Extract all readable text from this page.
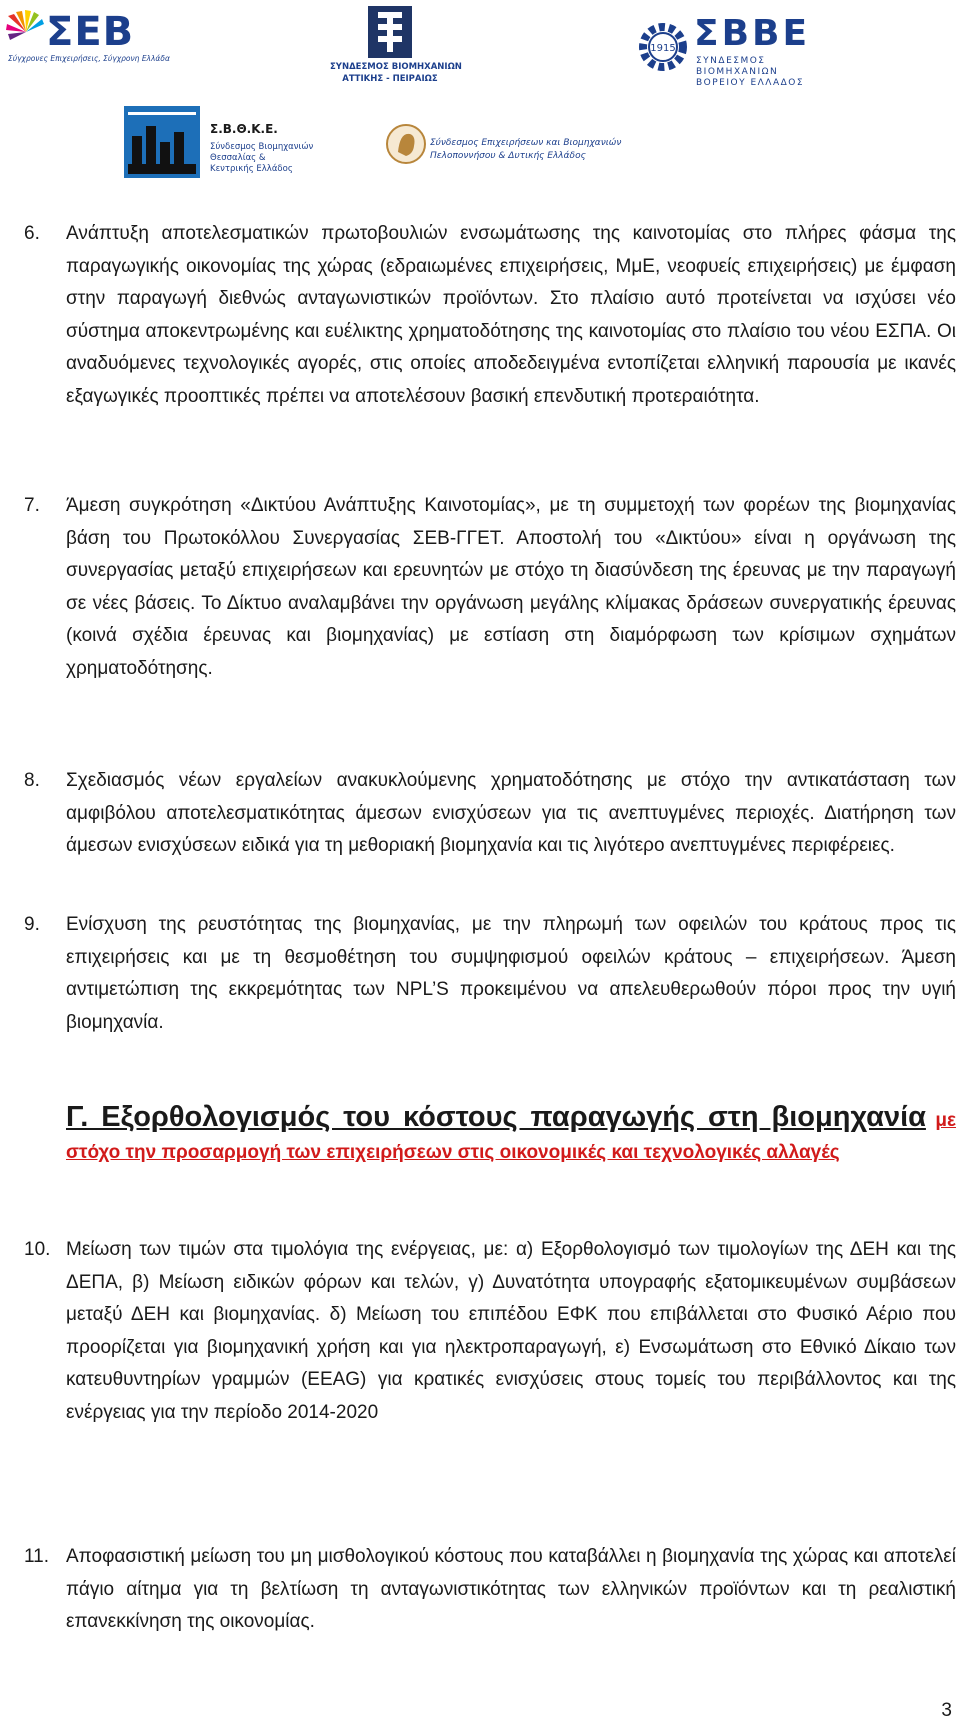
ΣΕΒ
Σύγχρονες Επιχειρήσεις, Σύγχρονη Ελλάδα
ΣΥΝΔΕΣΜΟΣ ΒΙΟΜΗΧΑΝΙΩΝ
ΑΤΤΙΚΗΣ - ΠΕΙΡΑΙΩΣ
1915 ΣΒΒΕ
ΣΥΝΔΕΣΜΟΣ
ΒΙΟΜΗΧΑΝΙΩΝ
ΒΟΡΕΙΟΥ ΕΛΛΑΔΟΣ
Σ.Β.Θ.Κ.Ε.
Σύνδεσμος Βιομηχανιών
Θεσσαλίας &
Κεντρικής Ελλάδος
Σύνδεσμος Επιχειρήσεων και Βιομηχανιών
Πελοποννήσου & Δυτικής Ελλάδος
6.	Ανάπτυξη αποτελεσματικών πρωτοβουλιών ενσωμάτωσης της καινοτομίας στο πλήρες φάσμα της παραγωγικής οικονομίας της χώρας (εδραιωμένες επιχειρήσεις, ΜμΕ, νεοφυείς επιχειρήσεις) με έμφαση στην παραγωγή διεθνώς ανταγωνιστικών προϊόντων. Στο πλαίσιο αυτό προτείνεται να ισχύσει νέο σύστημα αποκεντρωμένης και ευέλικτης χρηματοδότησης της καινοτομίας στο πλαίσιο του νέου ΕΣΠΑ. Οι αναδυόμενες τεχνολογικές αγορές, στις οποίες αποδεδειγμένα εντοπίζεται ελληνική παρουσία με ικανές εξαγωγικές προοπτικές πρέπει να αποτελέσουν βασική επενδυτική προτεραιότητα.
7.	Άμεση συγκρότηση «Δικτύου Ανάπτυξης Καινοτομίας», με τη συμμετοχή των φορέων της βιομηχανίας βάση του Πρωτοκόλλου Συνεργασίας ΣΕΒ-ΓΓΕΤ. Αποστολή του «Δικτύου» είναι η οργάνωση της συνεργασίας μεταξύ επιχειρήσεων και ερευνητών με στόχο τη διασύνδεση της έρευνας με την παραγωγή σε νέες βάσεις. Το Δίκτυο αναλαμβάνει την οργάνωση μεγάλης κλίμακας δράσεων συνεργατικής έρευνας (κοινά σχέδια έρευνας και βιομηχανίας) με εστίαση στη διαμόρφωση των κρίσιμων σχημάτων χρηματοδότησης.
8.	Σχεδιασμός νέων εργαλείων ανακυκλούμενης χρηματοδότησης με στόχο την αντικατάσταση των αμφιβόλου αποτελεσματικότητας άμεσων ενισχύσεων για τις ανεπτυγμένες περιοχές. Διατήρηση των άμεσων ενισχύσεων ειδικά για τη μεθοριακή βιομηχανία και τις λιγότερο ανεπτυγμένες περιφέρειες.
9.	Ενίσχυση της ρευστότητας της βιομηχανίας, με την πληρωμή των οφειλών του κράτους προς τις επιχειρήσεις και με τη θεσμοθέτηση του συμψηφισμού οφειλών κράτους – επιχειρήσεων. Άμεση αντιμετώπιση της εκκρεμότητας των NPL’S προκειμένου να απελευθερωθούν πόροι προς την υγιή βιομηχανία.
Γ. Εξορθολογισμός του κόστους παραγωγής στη βιομηχανία με στόχο την προσαρμογή των επιχειρήσεων στις οικονομικές και τεχνολογικές αλλαγές
10. Μείωση των τιμών στα τιμολόγια της ενέργειας, με: α) Εξορθολογισμό των τιμολογίων της ΔΕΗ και της ΔΕΠΑ, β) Μείωση ειδικών φόρων και τελών, γ) Δυνατότητα υπογραφής εξατομικευμένων συμβάσεων μεταξύ ΔΕΗ και βιομηχανίας. δ) Μείωση του επιπέδου ΕΦΚ που επιβάλλεται στο Φυσικό Αέριο που προορίζεται για βιομηχανική χρήση και για ηλεκτροπαραγωγή, ε) Ενσωμάτωση στο Εθνικό Δίκαιο των κατευθυντηρίων γραμμών (ΕΕΑG) για κρατικές ενισχύσεις στους τομείς του περιβάλλοντος και της ενέργειας για την περίοδο 2014-2020
11. Αποφασιστική μείωση του μη μισθολογικού κόστους που καταβάλλει η βιομηχανία της χώρας και αποτελεί πάγιο αίτημα για τη βελτίωση τη ανταγωνιστικότητας των ελληνικών προϊόντων και τη ρεαλιστική επανεκκίνηση της οικονομίας.
3
